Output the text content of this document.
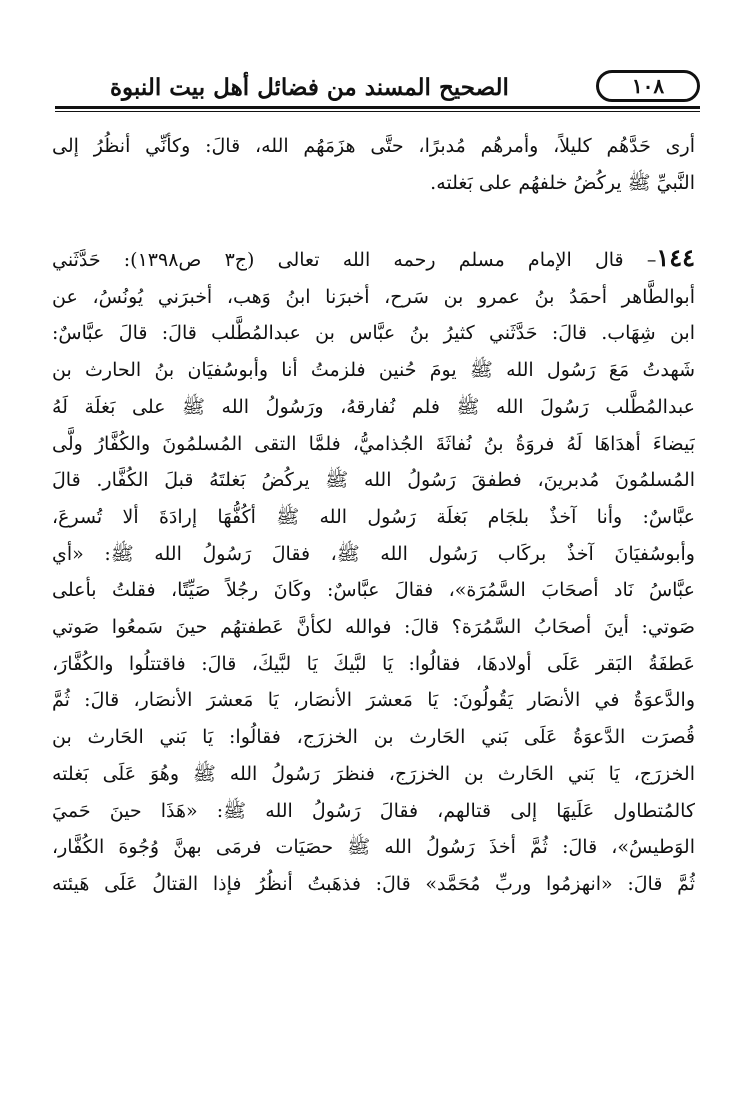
الصحيح المسند من فضائل أهل بيت النبوة	١٠٨
أرى حَدَّهُم كليلاً، وأمرهُم مُدبرًا، حتَّى هزَمَهُم الله، قالَ: وكأنِّي أنظُرُ إلى
النَّبيِّ ﷺ يركُضُ خلفهُم على بَغلته.
١٤٤– قال الإمام مسلم رحمه الله تعالى (ج٣ ص١٣٩٨): حَدَّثَني
أبوالطَّاهر أحمَدُ بنُ عمرو بن سَرح، أخبرَنا ابنُ وَهب، أخبرَني يُونُسُ، عن
ابن شِهَاب. قالَ: حَدَّثَني كثيرُ بنُ عبَّاس بن عبدالمُطَّلب قالَ: قالَ عبَّاسٌ:
شَهدتُ مَعَ رَسُول الله ﷺ يومَ حُنين فلزمتُ أنا وأبوسُفيَان بنُ الحارث بن
عبدالمُطَّلب رَسُولَ الله ﷺ فلم نُفارقهُ، ورَسُولُ الله ﷺ على بَغلَة لَهُ
بَيضاءَ أهدَاهَا لَهُ فروَةُ بنُ نُفاثَةَ الجُذاميُّ، فلمَّا التقى المُسلمُونَ والكُفَّارُ ولَّى
المُسلمُونَ مُدبرينَ، فطفقَ رَسُولُ الله ﷺ يركُضُ بَغلتَهُ قبلَ الكُفَّار. قالَ
عبَّاسٌ: وأنا آخذٌ بلجَام بَغلَة رَسُول الله ﷺ أكُفُّهَا إرادَةَ ألا تُسرعَ،
وأبوسُفيَانَ آخذٌ بركَاب رَسُول الله ﷺ، فقالَ رَسُولُ الله ﷺ: «أي
عبَّاسُ نَاد أصحَابَ السَّمُرَة»، فقالَ عبَّاسٌ: وكَانَ رجُلاً صَيِّتًا، فقلتُ بأعلى
صَوتي: أينَ أصحَابُ السَّمُرَة؟ قالَ: فوالله لكأنَّ عَطفتهُم حينَ سَمعُوا صَوتي
عَطفَةُ البَقر عَلَى أولادهَا، فقالُوا: يَا لبَّيكَ يَا لبَّيكَ، قالَ: فاقتتلُوا والكُفَّارَ،
والدَّعوَةُ في الأنصَار يَقُولُونَ: يَا مَعشرَ الأنصَار، يَا مَعشرَ الأنصَار، قالَ: ثُمَّ
قُصرَت الدَّعوَةُ عَلَى بَني الحَارث بن الخزرَج، فقالُوا: يَا بَني الحَارث بن
الخزرَج، يَا بَني الحَارث بن الخزرَج، فنظرَ رَسُولُ الله ﷺ وهُوَ عَلَى بَغلته
كالمُتطاول عَلَيهَا إلى قتالهم، فقالَ رَسُولُ الله ﷺ: «هَذَا حينَ حَميَ
الوَطيسُ»، قالَ: ثُمَّ أخذَ رَسُولُ الله ﷺ حصَيَات فرمَى بهنَّ وُجُوهَ الكُفَّار،
ثُمَّ قالَ: «انهزمُوا وربِّ مُحَمَّد» قالَ: فذهَبتُ أنظُرُ فإذا القتالُ عَلَى هَيئته
